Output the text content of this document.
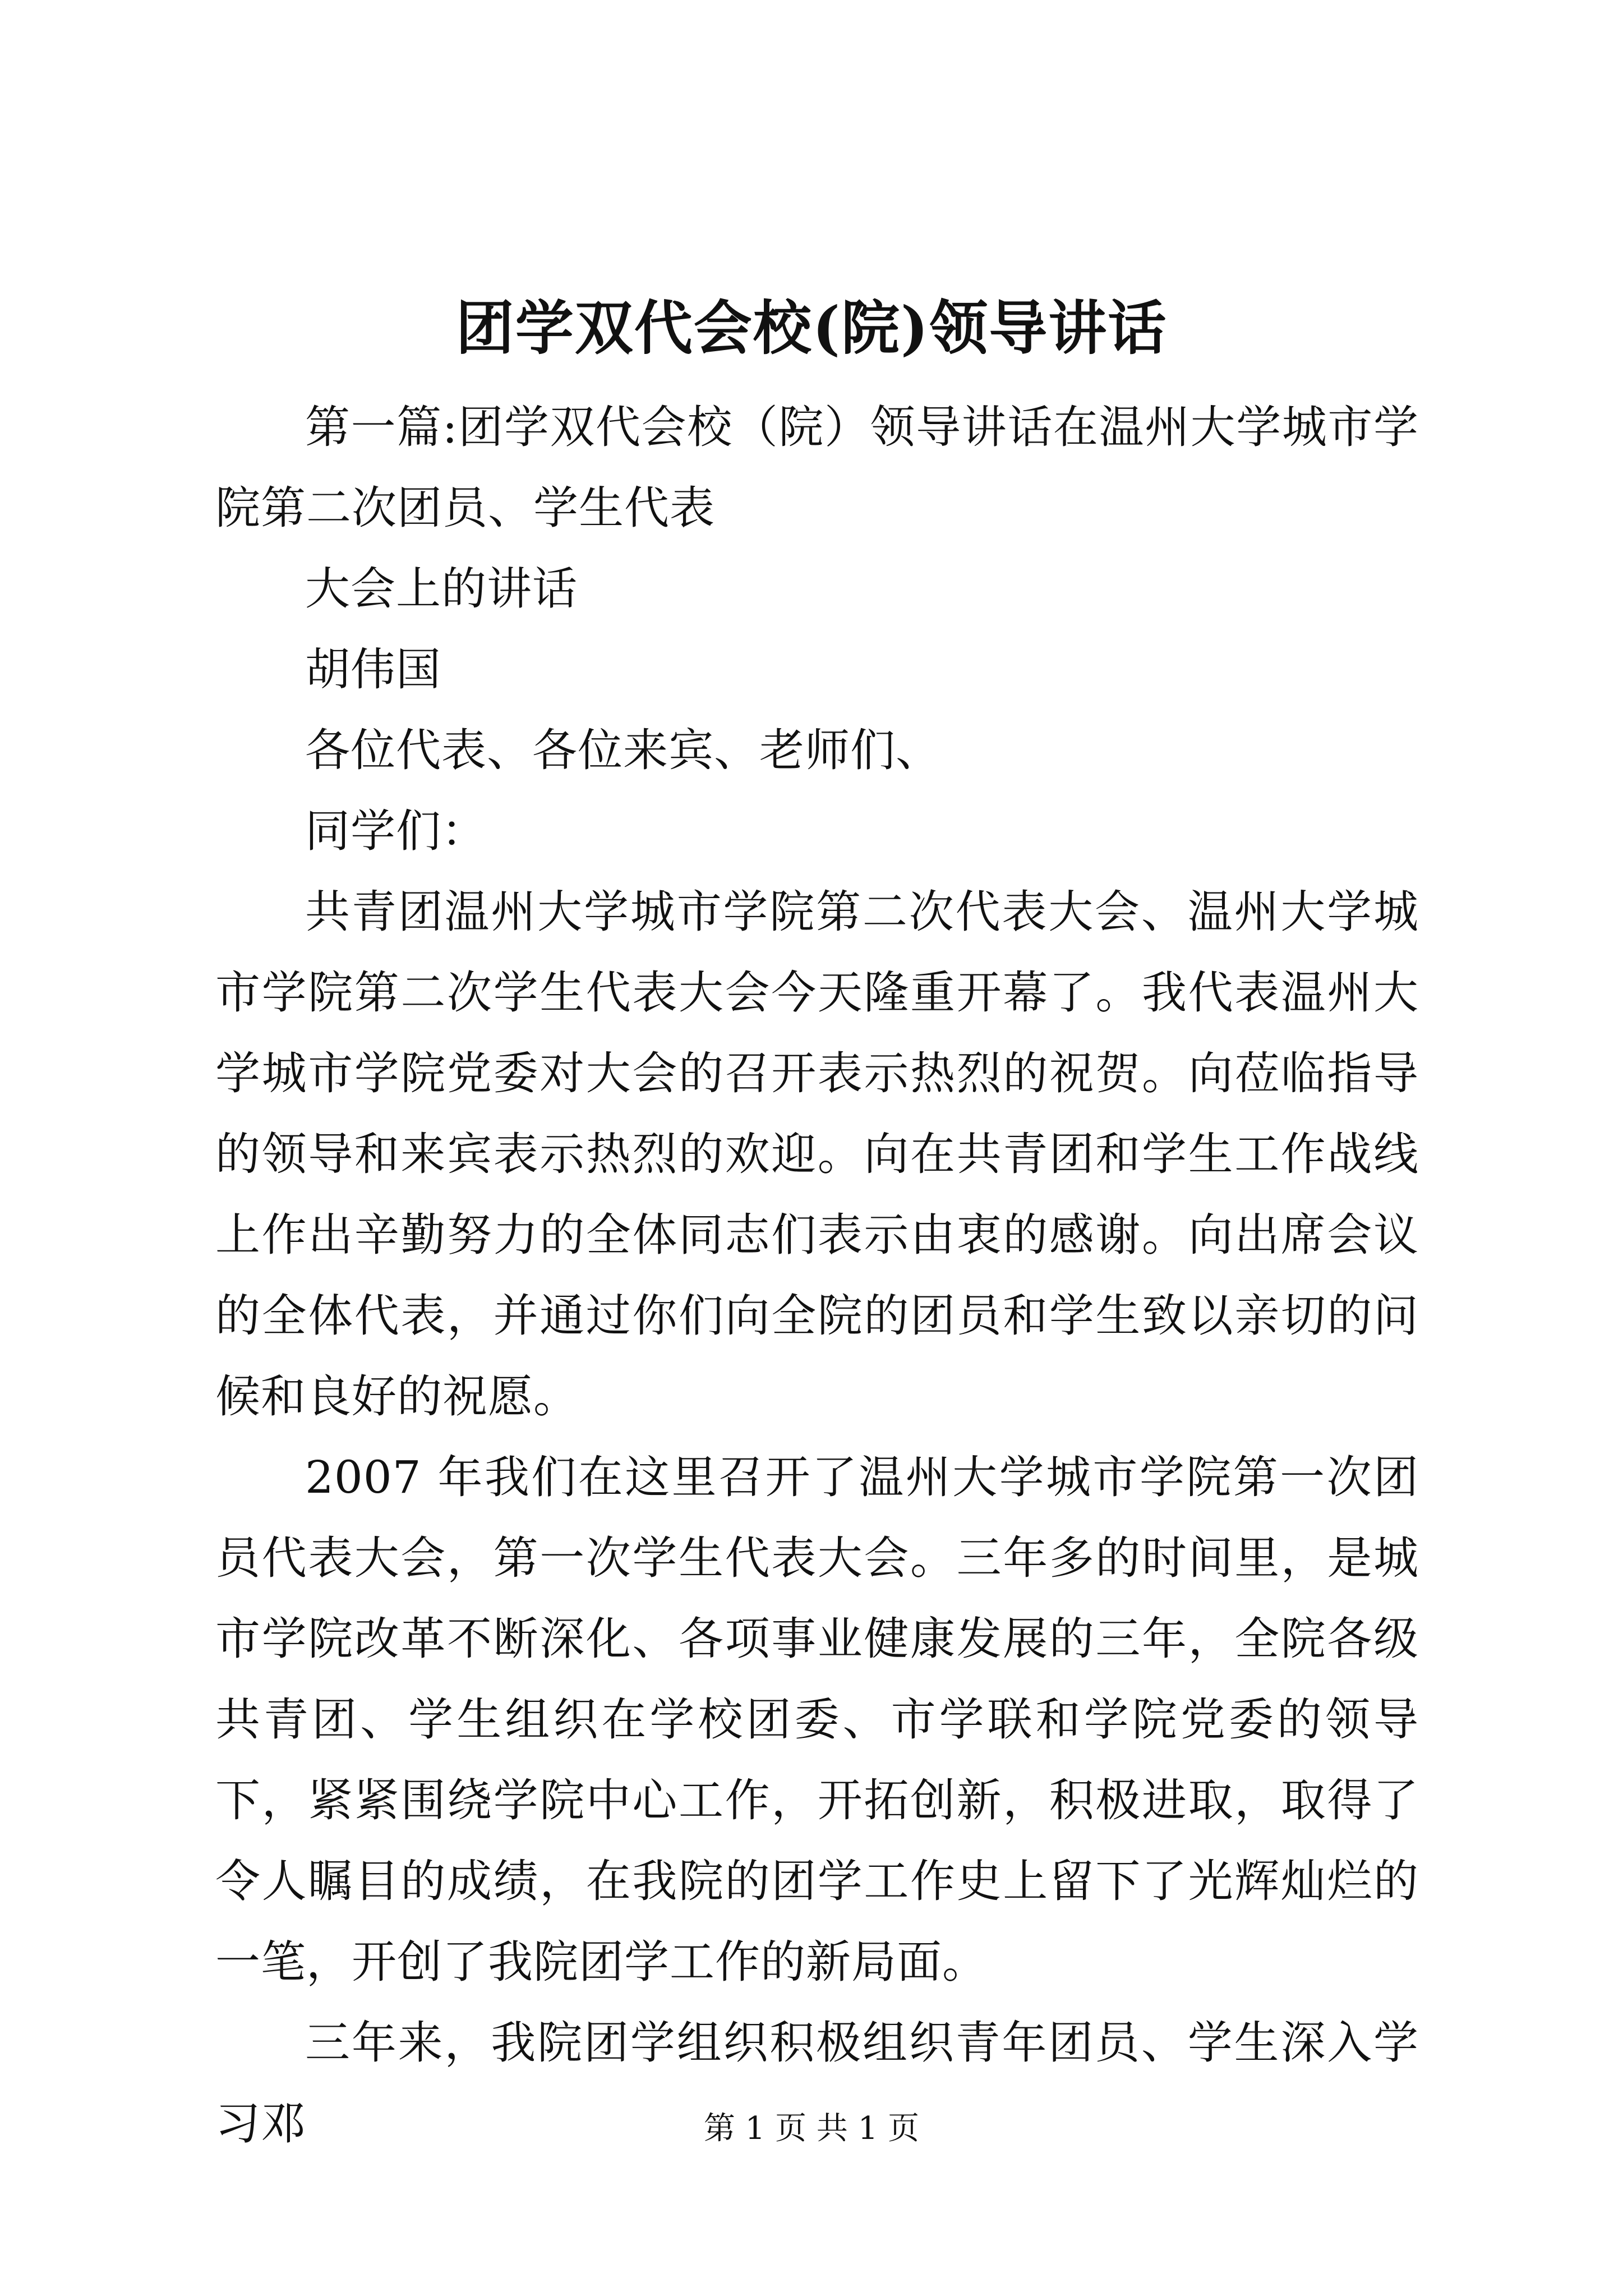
团学双代会校(院)领导讲话

第一篇:团学双代会校（院）领导讲话在温州大学城市学院第二次团员、学生代表

大会上的讲话

胡伟国

各位代表、各位来宾、老师们、

同学们：

共青团温州大学城市学院第二次代表大会、温州大学城市学院第二次学生代表大会今天隆重开幕了。我代表温州大学城市学院党委对大会的召开表示热烈的祝贺。向莅临指导的领导和来宾表示热烈的欢迎。向在共青团和学生工作战线上作出辛勤努力的全体同志们表示由衷的感谢。向出席会议的全体代表，并通过你们向全院的团员和学生致以亲切的问候和良好的祝愿。

2007 年我们在这里召开了温州大学城市学院第一次团员代表大会，第一次学生代表大会。三年多的时间里，是城市学院改革不断深化、各项事业健康发展的三年，全院各级共青团、学生组织在学校团委、市学联和学院党委的领导下，紧紧围绕学院中心工作，开拓创新，积极进取，取得了令人瞩目的成绩，在我院的团学工作史上留下了光辉灿烂的一笔，开创了我院团学工作的新局面。

三年来，我院团学组织积极组织青年团员、学生深入学习邓	第 1 页 共 1 页
